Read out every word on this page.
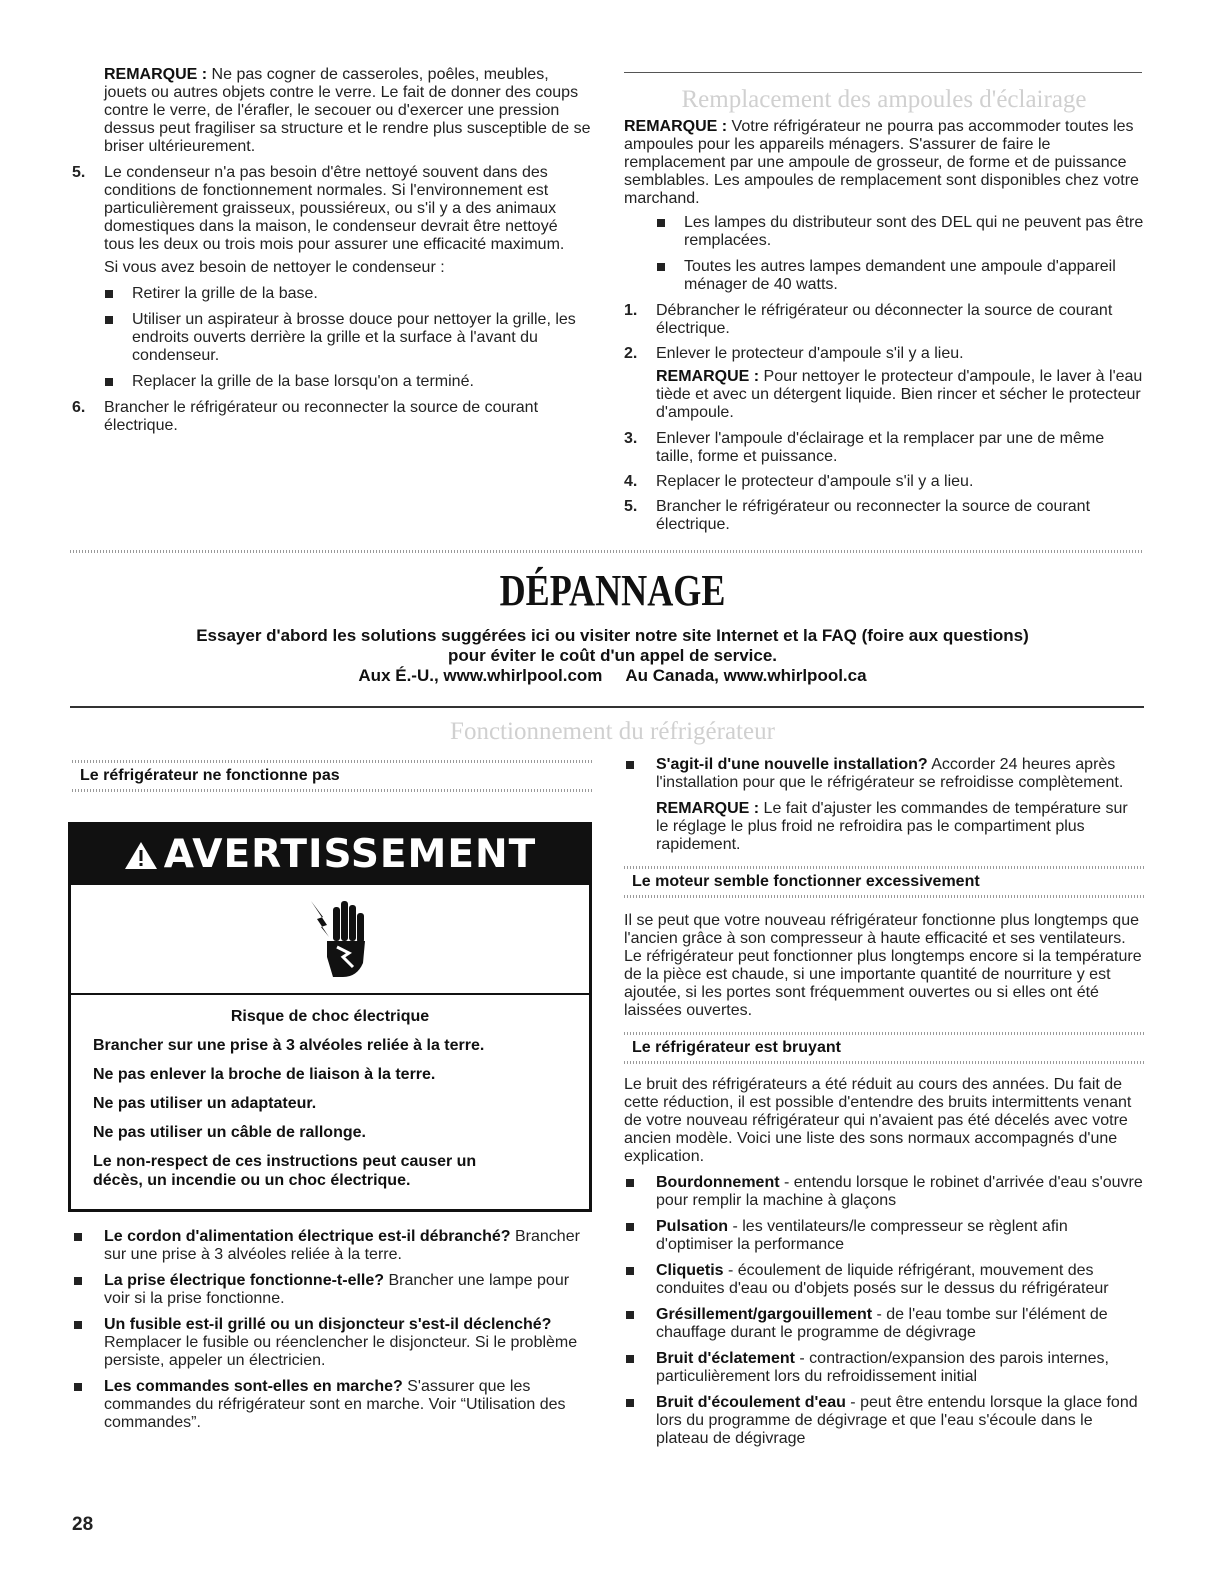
REMARQUE : Ne pas cogner de casseroles, poêles, meubles, jouets ou autres objets contre le verre. Le fait de donner des coups contre le verre, de l'érafler, le secouer ou d'exercer une pression dessus peut fragiliser sa structure et le rendre plus susceptible de se briser ultérieurement.

5. Le condenseur n'a pas besoin d'être nettoyé souvent dans des conditions de fonctionnement normales. Si l'environnement est particulièrement graisseux, poussiéreux, ou s'il y a des animaux domestiques dans la maison, le condenseur devrait être nettoyé tous les deux ou trois mois pour assurer une efficacité maximum.

Si vous avez besoin de nettoyer le condenseur :

Retirer la grille de la base.
Utiliser un aspirateur à brosse douce pour nettoyer la grille, les endroits ouverts derrière la grille et la surface à l'avant du condenseur.
Replacer la grille de la base lorsqu'on a terminé.
6. Brancher le réfrigérateur ou reconnecter la source de courant électrique.

Remplacement des ampoules d'éclairage

REMARQUE : Votre réfrigérateur ne pourra pas accommoder toutes les ampoules pour les appareils ménagers. S'assurer de faire le remplacement par une ampoule de grosseur, de forme et de puissance semblables. Les ampoules de remplacement sont disponibles chez votre marchand.

Les lampes du distributeur sont des DEL qui ne peuvent pas être remplacées.
Toutes les autres lampes demandent une ampoule d'appareil ménager de 40 watts.
1. Débrancher le réfrigérateur ou déconnecter la source de courant électrique.

2. Enlever le protecteur d'ampoule s'il y a lieu.

REMARQUE : Pour nettoyer le protecteur d'ampoule, le laver à l'eau tiède et avec un détergent liquide. Bien rincer et sécher le protecteur d'ampoule.

3. Enlever l'ampoule d'éclairage et la remplacer par une de même taille, forme et puissance.

4. Replacer le protecteur d'ampoule s'il y a lieu.

5. Brancher le réfrigérateur ou reconnecter la source de courant électrique.

DÉPANNAGE
Essayer d'abord les solutions suggérées ici ou visiter notre site Internet et la FAQ (foire aux questions)
pour éviter le coût d'un appel de service.
Aux É.-U., www.whirlpool.com     Au Canada, www.whirlpool.ca
Fonctionnement du réfrigérateur
Le réfrigérateur ne fonctionne pas
AVERTISSEMENT

Risque de choc électrique

Brancher sur une prise à 3 alvéoles reliée à la terre.

Ne pas enlever la broche de liaison à la terre.

Ne pas utiliser un adaptateur.

Ne pas utiliser un câble de rallonge.

Le non-respect de ces instructions peut causer un décès, un incendie ou un choc électrique.

Le cordon d'alimentation électrique est-il débranché? Brancher sur une prise à 3 alvéoles reliée à la terre.
La prise électrique fonctionne-t-elle? Brancher une lampe pour voir si la prise fonctionne.
Un fusible est-il grillé ou un disjoncteur s'est-il déclenché? Remplacer le fusible ou réenclencher le disjoncteur. Si le problème persiste, appeler un électricien.
Les commandes sont-elles en marche? S'assurer que les commandes du réfrigérateur sont en marche. Voir “Utilisation des commandes”.
S'agit-il d'une nouvelle installation? Accorder 24 heures après l'installation pour que le réfrigérateur se refroidisse complètement.

REMARQUE : Le fait d'ajuster les commandes de température sur le réglage le plus froid ne refroidira pas le compartiment plus rapidement.

Le moteur semble fonctionner excessivement

Il se peut que votre nouveau réfrigérateur fonctionne plus longtemps que l'ancien grâce à son compresseur à haute efficacité et ses ventilateurs. Le réfrigérateur peut fonctionner plus longtemps encore si la température de la pièce est chaude, si une importante quantité de nourriture y est ajoutée, si les portes sont fréquemment ouvertes ou si elles ont été laissées ouvertes.

Le réfrigérateur est bruyant

Le bruit des réfrigérateurs a été réduit au cours des années. Du fait de cette réduction, il est possible d'entendre des bruits intermittents venant de votre nouveau réfrigérateur qui n'avaient pas été décelés avec votre ancien modèle. Voici une liste des sons normaux accompagnés d'une explication.

Bourdonnement - entendu lorsque le robinet d'arrivée d'eau s'ouvre pour remplir la machine à glaçons
Pulsation - les ventilateurs/le compresseur se règlent afin d'optimiser la performance
Cliquetis - écoulement de liquide réfrigérant, mouvement des conduites d'eau ou d'objets posés sur le dessus du réfrigérateur
Grésillement/gargouillement - de l'eau tombe sur l'élément de chauffage durant le programme de dégivrage
Bruit d'éclatement - contraction/expansion des parois internes, particulièrement lors du refroidissement initial
Bruit d'écoulement d'eau - peut être entendu lorsque la glace fond lors du programme de dégivrage et que l'eau s'écoule dans le plateau de dégivrage
28
